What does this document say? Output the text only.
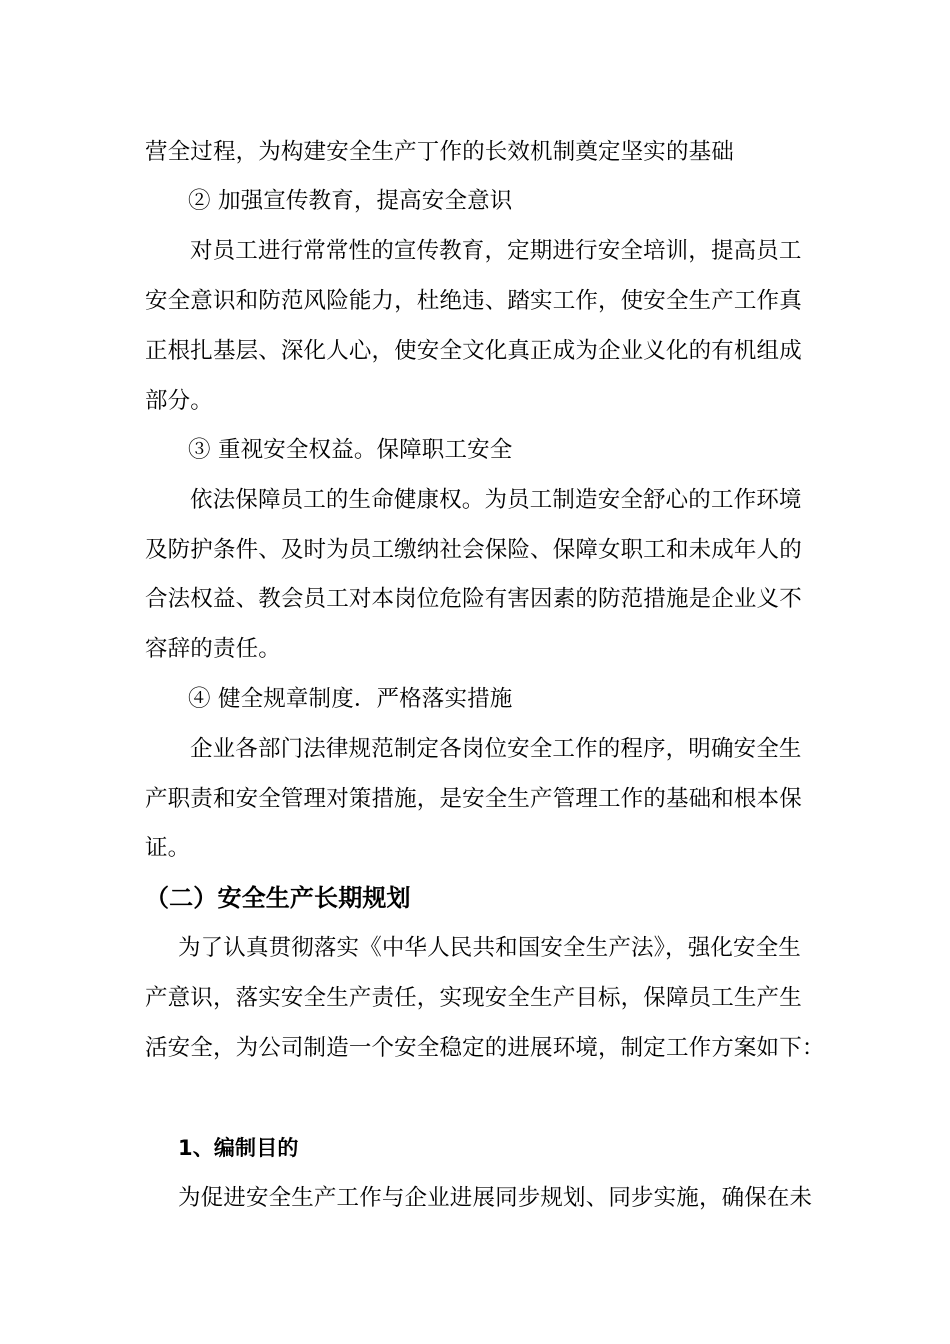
营全过程，为构建安全生产丁作的长效机制奠定坚实的基础
② 加强宣传教育，提高安全意识
对员工进行常常性的宣传教育，定期进行安全培训，提高员工
安全意识和防范风险能力，杜绝违、踏实工作，使安全生产工作真
正根扎基层、深化人心，使安全文化真正成为企业义化的有机组成
部分。
③ 重视安全权益。保障职工安全
依法保障员工的生命健康权。为员工制造安全舒心的工作环境
及防护条件、及时为员工缴纳社会保险、保障女职工和未成年人的
合法权益、教会员工对本岗位危险有害因素的防范措施是企业义不
容辞的责任。
④ 健全规章制度．严格落实措施
企业各部门法律规范制定各岗位安全工作的程序，明确安全生
产职责和安全管理对策措施，是安全生产管理工作的基础和根本保
证。
（二）安全生产长期规划
为了认真贯彻落实《中华人民共和国安全生产法》，强化安全生
产意识，落实安全生产责任，实现安全生产目标，保障员工生产生
活安全，为公司制造一个安全稳定的进展环境，制定工作方案如下：
1、编制目的
为促进安全生产工作与企业进展同步规划、同步实施，确保在未
